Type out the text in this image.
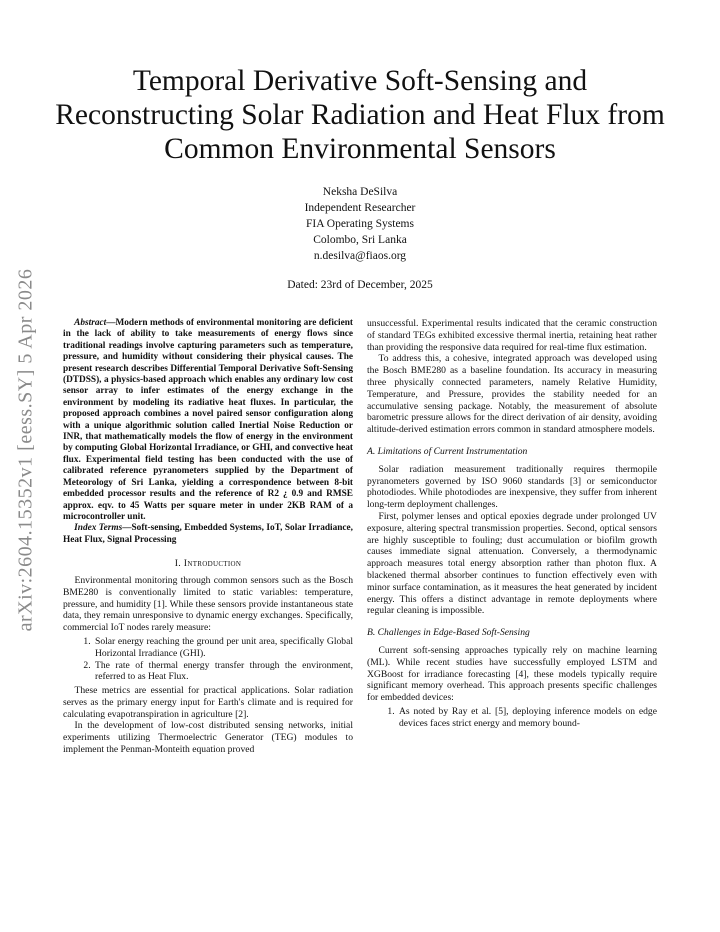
arXiv:2604.15352v1 [eess.SY] 5 Apr 2026
Temporal Derivative Soft-Sensing and
Reconstructing Solar Radiation and Heat Flux from
Common Environmental Sensors
Neksha DeSilva
Independent Researcher
FIA Operating Systems
Colombo, Sri Lanka
n.desilva@fiaos.org
Dated: 23rd of December, 2025

Abstract—Modern methods of environmental monitoring are deficient in the lack of ability to take measurements of energy flows since traditional readings involve capturing parameters such as temperature, pressure, and humidity without considering their physical causes. The present research describes Differential Temporal Derivative Soft-Sensing (DTDSS), a physics-based approach which enables any ordinary low cost sensor array to infer estimates of the energy exchange in the environment by modeling its radiative heat fluxes. In particular, the proposed approach combines a novel paired sensor configuration along with a unique algorithmic solution called Inertial Noise Reduction or INR, that mathematically models the flow of energy in the environment by computing Global Horizontal Irradiance, or GHI, and convective heat flux. Experimental field testing has been conducted with the use of calibrated reference pyranometers supplied by the Department of Meteorology of Sri Lanka, yielding a correspondence between 8-bit embedded processor results and the reference of R2 ¿ 0.9 and RMSE approx. eqv. to 45 Watts per square meter in under 2KB RAM of a microcontroller unit.

Index Terms—Soft-sensing, Embedded Systems, IoT, Solar Irradiance, Heat Flux, Signal Processing

I. Introduction

Environmental monitoring through common sensors such as the Bosch BME280 is conventionally limited to static variables: temperature, pressure, and humidity [1]. While these sensors provide instantaneous state data, they remain unresponsive to dynamic energy exchanges. Specifically, commercial IoT nodes rarely measure:

1. Solar energy reaching the ground per unit area, specifically Global Horizontal Irradiance (GHI).
2. The rate of thermal energy transfer through the environment, referred to as Heat Flux.

These metrics are essential for practical applications. Solar radiation serves as the primary energy input for Earth's climate and is required for calculating evapotranspiration in agriculture [2].

In the development of low-cost distributed sensing networks, initial experiments utilizing Thermoelectric Generator (TEG) modules to implement the Penman-Monteith equation proved

unsuccessful. Experimental results indicated that the ceramic construction of standard TEGs exhibited excessive thermal inertia, retaining heat rather than providing the responsive data required for real-time flux estimation.

To address this, a cohesive, integrated approach was developed using the Bosch BME280 as a baseline foundation. Its accuracy in measuring three physically connected parameters, namely Relative Humidity, Temperature, and Pressure, provides the stability needed for an accumulative sensing package. Notably, the measurement of absolute barometric pressure allows for the direct derivation of air density, avoiding altitude-derived estimation errors common in standard atmosphere models.

A. Limitations of Current Instrumentation

Solar radiation measurement traditionally requires thermopile pyranometers governed by ISO 9060 standards [3] or semiconductor photodiodes. While photodiodes are inexpensive, they suffer from inherent long-term deployment challenges.

First, polymer lenses and optical epoxies degrade under prolonged UV exposure, altering spectral transmission properties. Second, optical sensors are highly susceptible to fouling; dust accumulation or biofilm growth causes immediate signal attenuation. Conversely, a thermodynamic approach measures total energy absorption rather than photon flux. A blackened thermal absorber continues to function effectively even with minor surface contamination, as it measures the heat generated by incident energy. This offers a distinct advantage in remote deployments where regular cleaning is impossible.

B. Challenges in Edge-Based Soft-Sensing

Current soft-sensing approaches typically rely on machine learning (ML). While recent studies have successfully employed LSTM and XGBoost for irradiance forecasting [4], these models typically require significant memory overhead. This approach presents specific challenges for embedded devices:

1. As noted by Ray et al. [5], deploying inference models on edge devices faces strict energy and memory bound-
